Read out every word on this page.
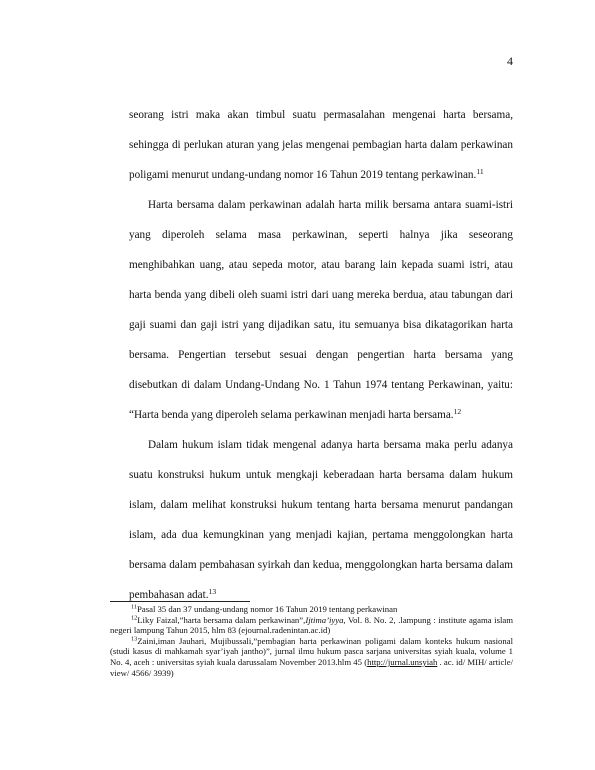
4

seorang istri maka akan timbul suatu permasalahan mengenai harta bersama, sehingga di perlukan aturan yang jelas mengenai pembagian harta dalam perkawinan poligami menurut undang-undang nomor 16 Tahun 2019 tentang perkawinan.$^{11}$

Harta bersama dalam perkawinan adalah harta milik bersama antara suami-istri yang diperoleh selama masa perkawinan, seperti halnya jika seseorang menghibahkan uang, atau sepeda motor, atau barang lain kepada suami istri, atau harta benda yang dibeli oleh suami istri dari uang mereka berdua, atau tabungan dari gaji suami dan gaji istri yang dijadikan satu, itu semuanya bisa dikatagorikan harta bersama. Pengertian tersebut sesuai dengan pengertian harta bersama yang disebutkan di dalam Undang-Undang No. 1 Tahun 1974 tentang Perkawinan, yaitu: “Harta benda yang diperoleh selama perkawinan menjadi harta bersama.$^{12}$

Dalam hukum islam tidak mengenal adanya harta bersama maka perlu adanya suatu konstruksi hukum untuk mengkaji keberadaan harta bersama dalam hukum islam, dalam melihat konstruksi hukum tentang harta bersama menurut pandangan islam, ada dua kemungkinan yang menjadi kajian, pertama menggolongkan harta bersama dalam pembahasan syirkah dan kedua, menggolongkan harta bersama dalam pembahasan adat.$^{13}$

$^{11}$Pasal 35 dan 37 undang-undang nomor 16 Tahun 2019 tentang perkawinan

$^{12}$Liky Faizal,”harta bersama dalam perkawinan”,Ijtima’iyya, Vol. 8. No. 2, .lampung : institute agama islam negeri lampung Tahun 2015, hlm 83 (ejournal.radenintan.ac.id)

$^{13}$Zaini,iman Jauhari, Mujibussali,”pembagian harta perkawinan poligami dalam konteks hukum nasional (studi kasus di mahkamah syar’iyah jantho)”, jurnal ilmu hukum pasca sarjana universitas syiah kuala, volume 1 No. 4, aceh : universitas syiah kuala darussalam November 2013.hlm 45 (http://jurnal.unsyiah . ac. id/ MIH/ article/ view/ 4566/ 3939)
